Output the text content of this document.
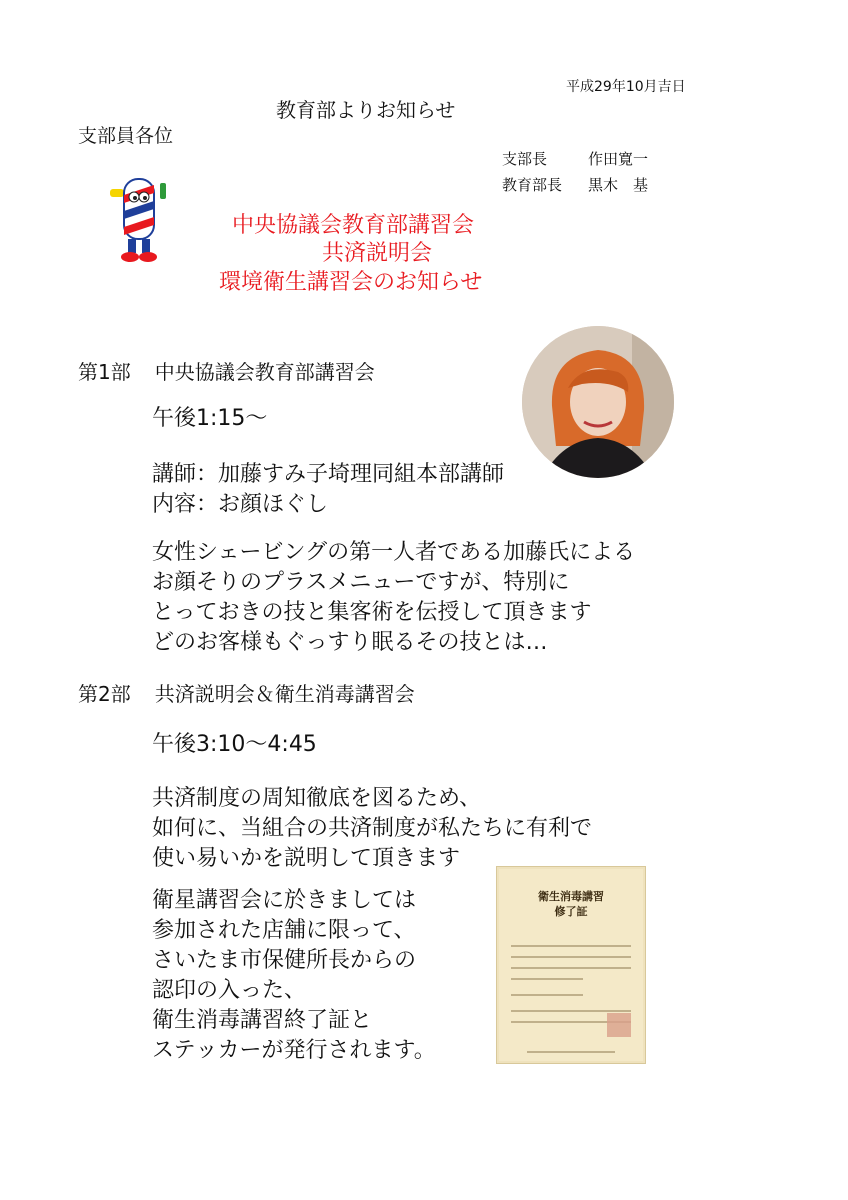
平成29年10月吉日
教育部よりお知らせ
支部員各位
支部長	作田寛一
教育部長 黒木　基
中央協議会教育部講習会
共済説明会
環境衛生講習会のお知らせ
第1部 中央協議会教育部講習会
午後1:15～
講師：加藤すみ子埼理同組本部講師
内容：お顔ほぐし
女性シェービングの第一人者である加藤氏による
お顔そりのプラスメニューですが、特別に
とっておきの技と集客術を伝授して頂きます
どのお客様もぐっすり眠るその技とは…
第2部 共済説明会＆衛生消毒講習会
午後3:10～4:45
共済制度の周知徹底を図るため、
如何に、当組合の共済制度が私たちに有利で
使い易いかを説明して頂きます
衛星講習会に於きましては
参加された店舗に限って、
さいたま市保健所長からの
認印の入った、
衛生消毒講習終了証と
ステッカーが発行されます。
衛生消毒講習
修了証
